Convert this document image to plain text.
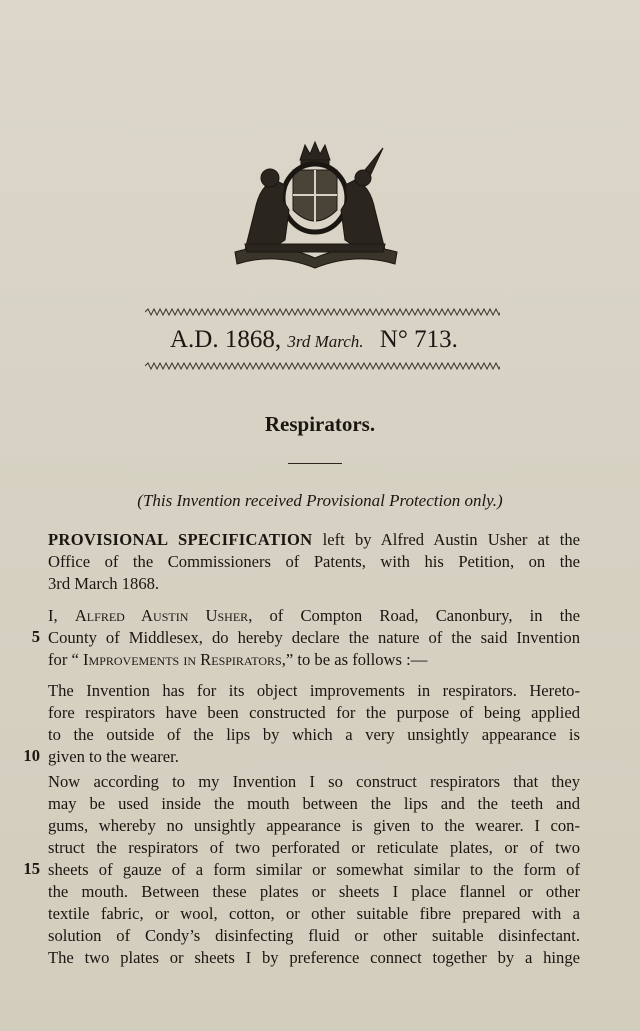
A.D. 1868, 3rd March. N° 713.
Respirators.
(This Invention received Provisional Protection only.)
PROVISIONAL SPECIFICATION left by Alfred Austin Usher at the
Office of the Commissioners of Patents, with his Petition, on the
3rd March 1868.
I, Alfred Austin Usher, of Compton Road, Canonbury, in the
County of Middlesex, do hereby declare the nature of the said Invention
for “ Improvements in Respirators,” to be as follows :—
The Invention has for its object improvements in respirators. Hereto-
fore respirators have been constructed for the purpose of being applied
to the outside of the lips by which a very unsightly appearance is
given to the wearer.
Now according to my Invention I so construct respirators that they
may be used inside the mouth between the lips and the teeth and
gums, whereby no unsightly appearance is given to the wearer. I con-
struct the respirators of two perforated or reticulate plates, or of two
sheets of gauze of a form similar or somewhat similar to the form of
the mouth. Between these plates or sheets I place flannel or other
textile fabric, or wool, cotton, or other suitable fibre prepared with a
solution of Condy’s disinfecting fluid or other suitable disinfectant.
The two plates or sheets I by preference connect together by a hinge
5
10
15
